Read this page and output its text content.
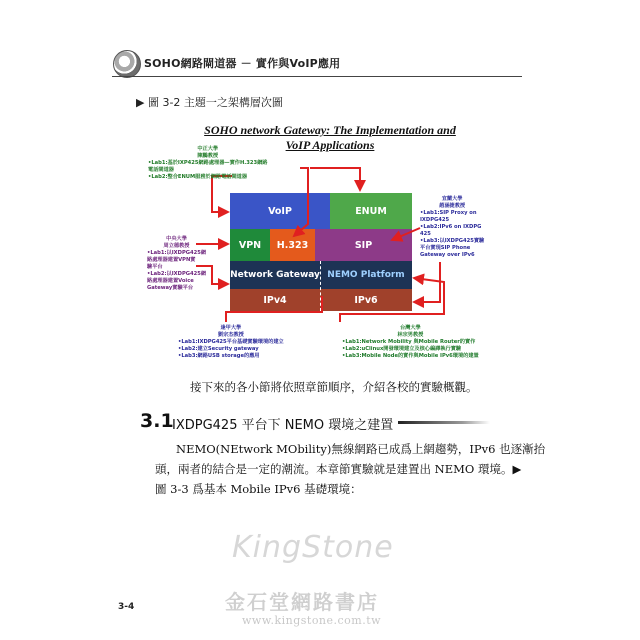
SOHO網路閘道器 － 實作與VoIP應用
▶ 圖 3-2 主題一之架構層次圖
SOHO network Gateway: The Implementation and
VoIP Applications
VoIP	ENUM
VPN H.323	SIP
Network Gateway NEMO Platform
IPv4	IPv6
中正大學
陳鵬教授
•Lab1:基於IXP425網路處理器—實作H.323網路
電話閘道器
•Lab2:整合ENUM服務於網路電話閘道器
中央大學
周立德教授
•Lab1:以IXDPG425網
路處理器建置VPN實
驗平台
•Lab2:以IXDPG425網
路處理器建置Voice
Gateway實驗平台
宜蘭大學
趙涵捷教授
•Lab1:SIP Proxy on
IXDPG425
•Lab2:IPv6 on IXDPG
425
•Lab3:以IXDPG425實驗
平台實現SIP Phone
Gateway over IPv6
逢甲大學
劉宗杰教授
•Lab1:IXDPG425平台基礎實驗環境的建立
•Lab2:建立Security gateway
•Lab3:網路USB storage的應用
台灣大學
林宗男教授
•Lab1:Network Mobility 與Mobile Router的實作
•Lab2:uClinux開發環境建立及核心編譯執行實驗
•Lab3:Mobile Node的實作與Mobile IPv6環境的建置
接下來的各小節將依照章節順序，介紹各校的實驗概觀。
3.1
IXDPG425 平台下 NEMO 環境之建置
NEMO(NEtwork MObility)無線網路已成爲上網趨勢，IPv6 也逐漸抬
頭，兩者的結合是一定的潮流。本章節實驗就是建置出 NEMO 環境。▶
圖 3-3 爲基本 Mobile IPv6 基礎環境：
KingStone
金石堂網路書店
www.kingstone.com.tw
3-4
